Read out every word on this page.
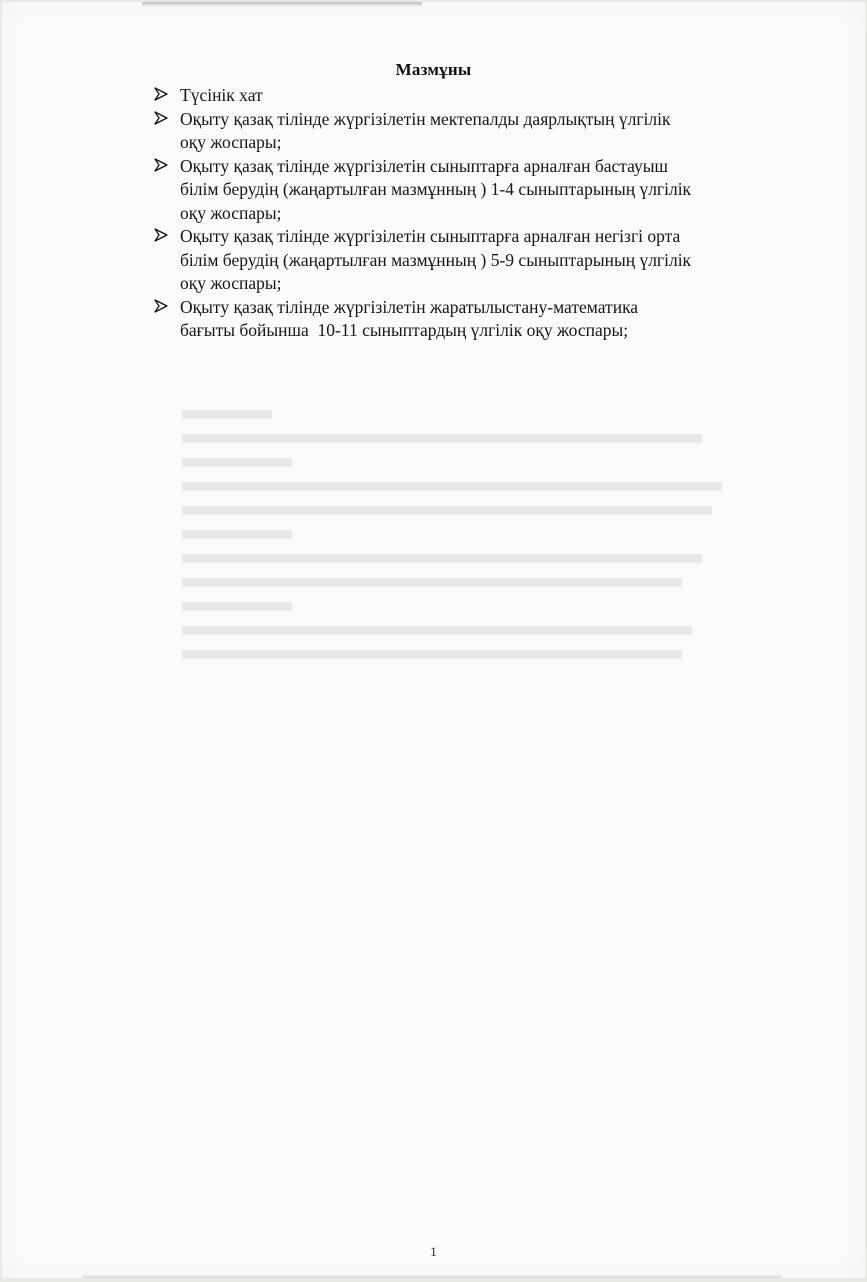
Мазмұны
Түсінік хат
Оқыту қазақ тілінде жүргізілетін мектепалды даярлықтың үлгілік
оқу жоспары;
Оқыту қазақ тілінде жүргізілетін сыныптарға арналған бастауыш
білім берудің (жаңартылған мазмұнның ) 1-4 сыныптарының үлгілік
оқу жоспары;
Оқыту қазақ тілінде жүргізілетін сыныптарға арналған негізгі орта
білім берудің (жаңартылған мазмұнның ) 5-9 сыныптарының үлгілік
оқу жоспары;
Оқыту қазақ тілінде жүргізілетін жаратылыстану-математика
бағыты бойынша  10-11 сыныптардың үлгілік оқу жоспары;
1
